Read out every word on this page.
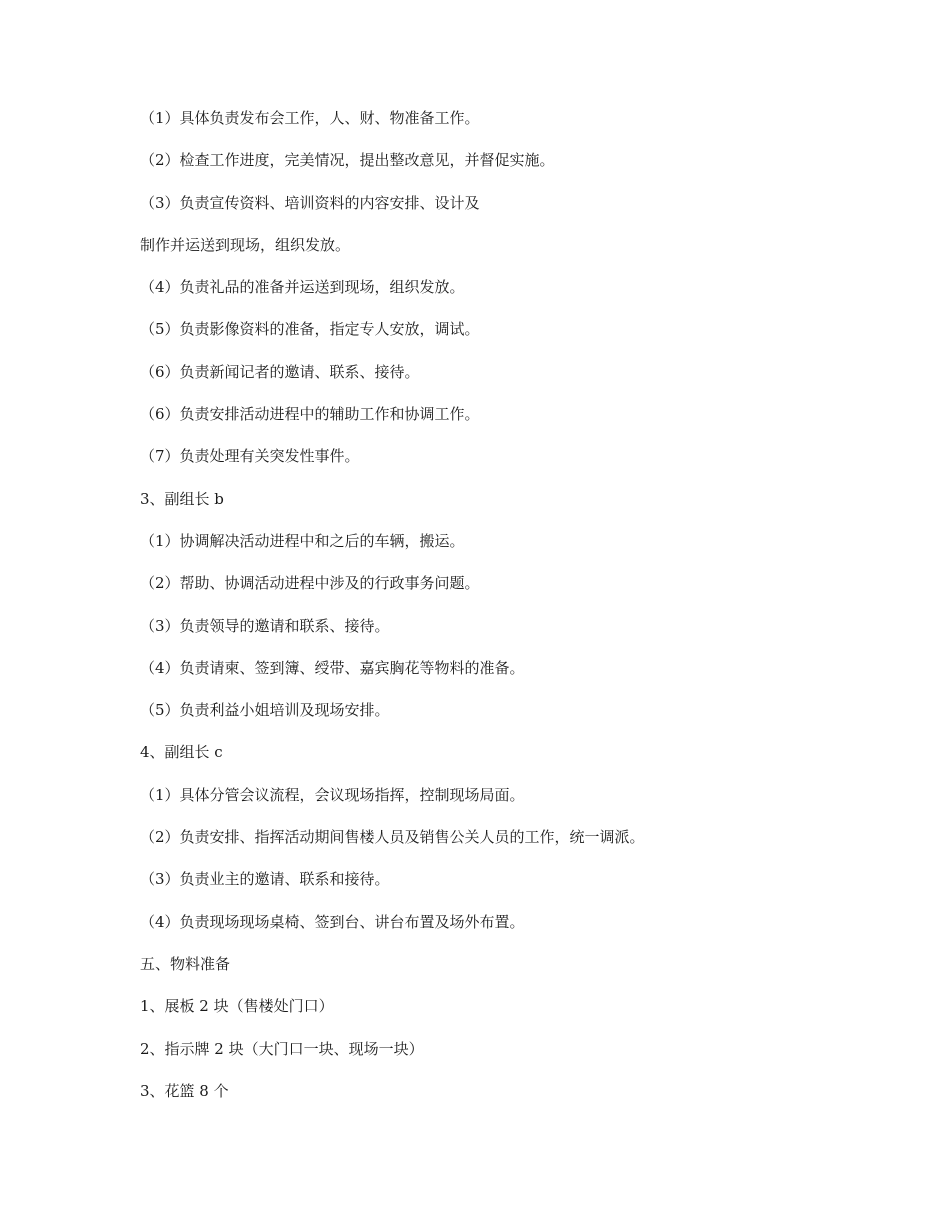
（1）具体负责发布会工作，人、财、物准备工作。
（2）检查工作进度，完美情况，提出整改意见，并督促实施。
（3）负责宣传资料、培训资料的内容安排、设计及
制作并运送到现场，组织发放。
（4）负责礼品的准备并运送到现场，组织发放。
（5）负责影像资料的准备，指定专人安放，调试。
（6）负责新闻记者的邀请、联系、接待。
（6）负责安排活动进程中的辅助工作和协调工作。
（7）负责处理有关突发性事件。
3、副组长 b
（1）协调解决活动进程中和之后的车辆，搬运。
（2）帮助、协调活动进程中涉及的行政事务问题。
（3）负责领导的邀请和联系、接待。
（4）负责请柬、签到簿、绶带、嘉宾胸花等物料的准备。
（5）负责利益小姐培训及现场安排。
4、副组长 c
（1）具体分管会议流程，会议现场指挥，控制现场局面。
（2）负责安排、指挥活动期间售楼人员及销售公关人员的工作，统一调派。
（3）负责业主的邀请、联系和接待。
（4）负责现场现场桌椅、签到台、讲台布置及场外布置。
五、物料准备
1、展板 2 块（售楼处门口）
2、指示牌 2 块（大门口一块、现场一块）
3、花篮 8 个
